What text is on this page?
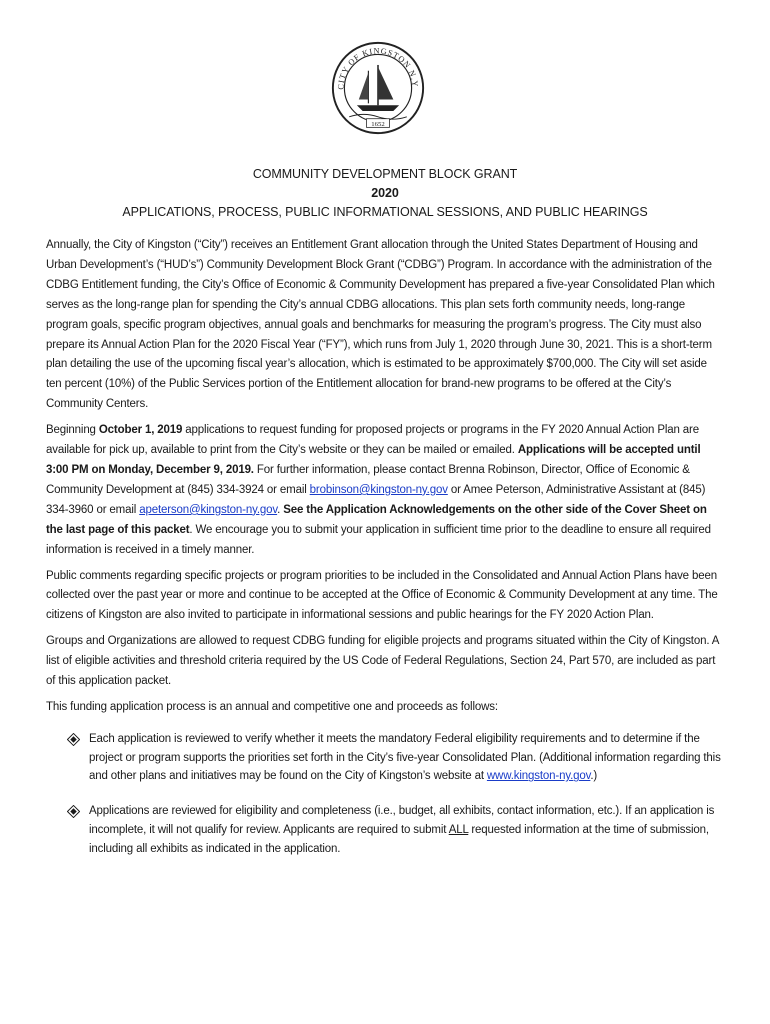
CITY OF KINGSTON N.Y
1652
COMMUNITY DEVELOPMENT BLOCK GRANT
2020
APPLICATIONS, PROCESS, PUBLIC INFORMATIONAL SESSIONS, AND PUBLIC HEARINGS

Annually, the City of Kingston (“City”) receives an Entitlement Grant allocation through the United States Department of Housing and Urban Development’s (“HUD’s”) Community Development Block Grant (“CDBG”) Program. In accordance with the administration of the CDBG Entitlement funding, the City’s Office of Economic & Community Development has prepared a five-year Consolidated Plan which serves as the long-range plan for spending the City’s annual CDBG allocations. This plan sets forth community needs, long-range program goals, specific program objectives, annual goals and benchmarks for measuring the program’s progress. The City must also prepare its Annual Action Plan for the 2020 Fiscal Year (“FY”), which runs from July 1, 2020 through June 30, 2021. This is a short-term plan detailing the use of the upcoming fiscal year’s allocation, which is estimated to be approximately $700,000. The City will set aside ten percent (10%) of the Public Services portion of the Entitlement allocation for brand-new programs to be offered at the City’s Community Centers.

Beginning October 1, 2019 applications to request funding for proposed projects or programs in the FY 2020 Annual Action Plan are available for pick up, available to print from the City’s website or they can be mailed or emailed. Applications will be accepted until 3:00 PM on Monday, December 9, 2019. For further information, please contact Brenna Robinson, Director, Office of Economic & Community Development at (845) 334-3924 or email brobinson@kingston-ny.gov or Amee Peterson, Administrative Assistant at (845) 334-3960 or email apeterson@kingston-ny.gov. See the Application Acknowledgements on the other side of the Cover Sheet on the last page of this packet. We encourage you to submit your application in sufficient time prior to the deadline to ensure all required information is received in a timely manner.

Public comments regarding specific projects or program priorities to be included in the Consolidated and Annual Action Plans have been collected over the past year or more and continue to be accepted at the Office of Economic & Community Development at any time. The citizens of Kingston are also invited to participate in informational sessions and public hearings for the FY 2020 Action Plan.

Groups and Organizations are allowed to request CDBG funding for eligible projects and programs situated within the City of Kingston. A list of eligible activities and threshold criteria required by the US Code of Federal Regulations, Section 24, Part 570, are included as part of this application packet.

This funding application process is an annual and competitive one and proceeds as follows:

Each application is reviewed to verify whether it meets the mandatory Federal eligibility requirements and to determine if the project or program supports the priorities set forth in the City’s five-year Consolidated Plan. (Additional information regarding this and other plans and initiatives may be found on the City of Kingston’s website at www.kingston-ny.gov.)
Applications are reviewed for eligibility and completeness (i.e., budget, all exhibits, contact information, etc.). If an application is incomplete, it will not qualify for review. Applicants are required to submit ALL requested information at the time of submission, including all exhibits as indicated in the application.
